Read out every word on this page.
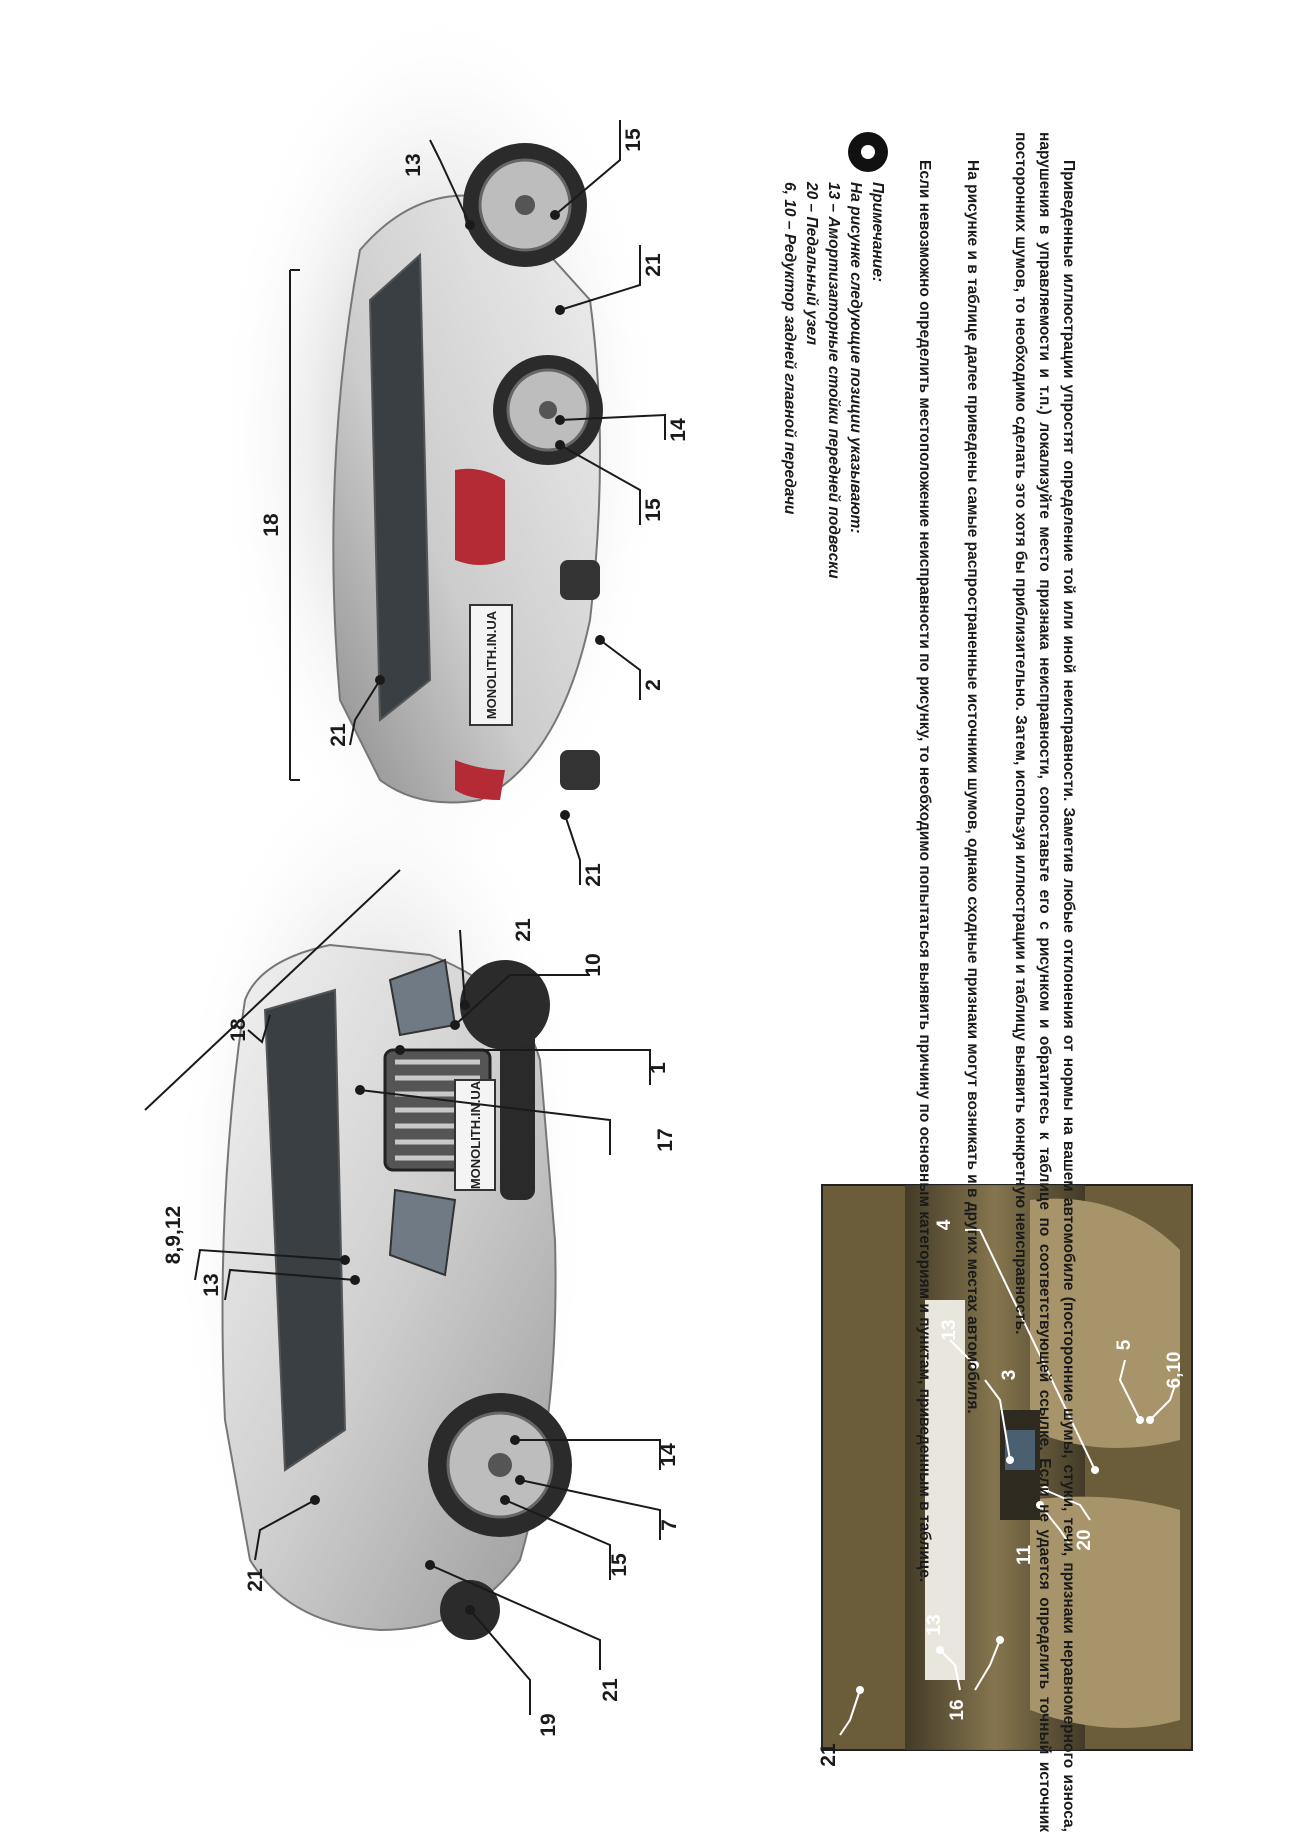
MONOLITH.IN.UA
18
21
10
1
17
8,9,12
13
14
7
15
21
21
19
MONOLITH.IN.UA
13
15
21
18
14
15
2
21
21
21
16
13
11
20
3
13
4
5
6,10

Приведенные иллюстрации упростят определение той или иной неисправности. Заметив любые отклонения от нормы на вашем автомобиле (посторонние шумы, стуки, течи, признаки неравномерного износа, нарушения в управляемости и т.п.) локализуйте место признака неисправности, сопоставьте его с рисунком и обратитесь к таблице по соответствующей ссылке. Если не удается определить точный источник посторонних шумов, то необходимо сделать это хотя бы приблизительно. Затем, используя иллюстрации и таблицу выявить конкретную неисправность.

На рисунке и в таблице далее приведены самые распространенные источники шумов, однако сходные признаки могут возникать и в других местах автомобиля.

Если невозможно определить местоположение неисправности по рисунку, то необходимо попытаться выявить причину по основным категориям и пунктам, приведенным в таблице.

Примечание:
На рисунке следующие позиции указывают:
13 – Амортизаторные стойки передней подвески
20 – Педальный узел
6, 10 – Редуктор задней главной передачи
